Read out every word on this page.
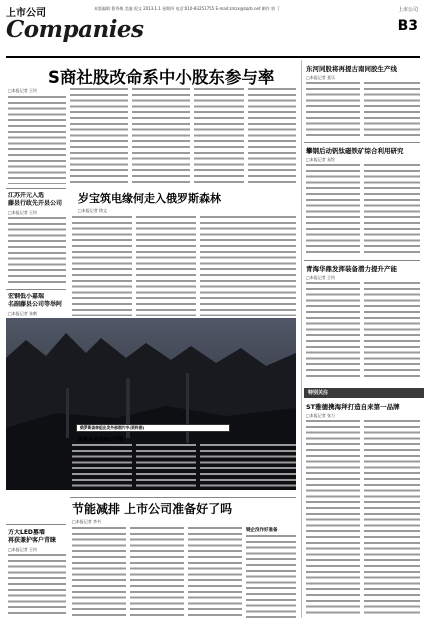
上市公司
Companies
本版编辑 曹秀梅 美编 倪文 2013.1.1 星期四 电话:010-83251755 E-mail:zmzx@zqrb.net 制作 郭 丁	上市公司
B3
S商社股改命系中小股东参与率
□本报记者 王钧
江苏开元入选
藤县行政先开县公司
□本报记者 王钧
宏钢低小嘉瑞
名副藤县公司等举阿
□本报记者 张鹤
方大LED墓墙
再获兼护客户青睐
□本报记者 王钧
岁宝筑电缘何走入俄罗斯森林
□本报记者 徐文
俄罗斯森林组出发外部图片中(资料图)
聚焦业务通知公司情
节能减排 上市公司准备好了吗
□本报记者 李书
钢企没作好准备
东河同股将再提古南同胶生产线
□本报记者 聂乐
攀钢后动钒钛磁铁矿综合利用研究
□本报记者 易绘
青海华鼎发挥装备潜力提升产能
□本报记者 王钧
特别关注
ST雅德携海拜打造自来第一品牌
□本报记者 张力
